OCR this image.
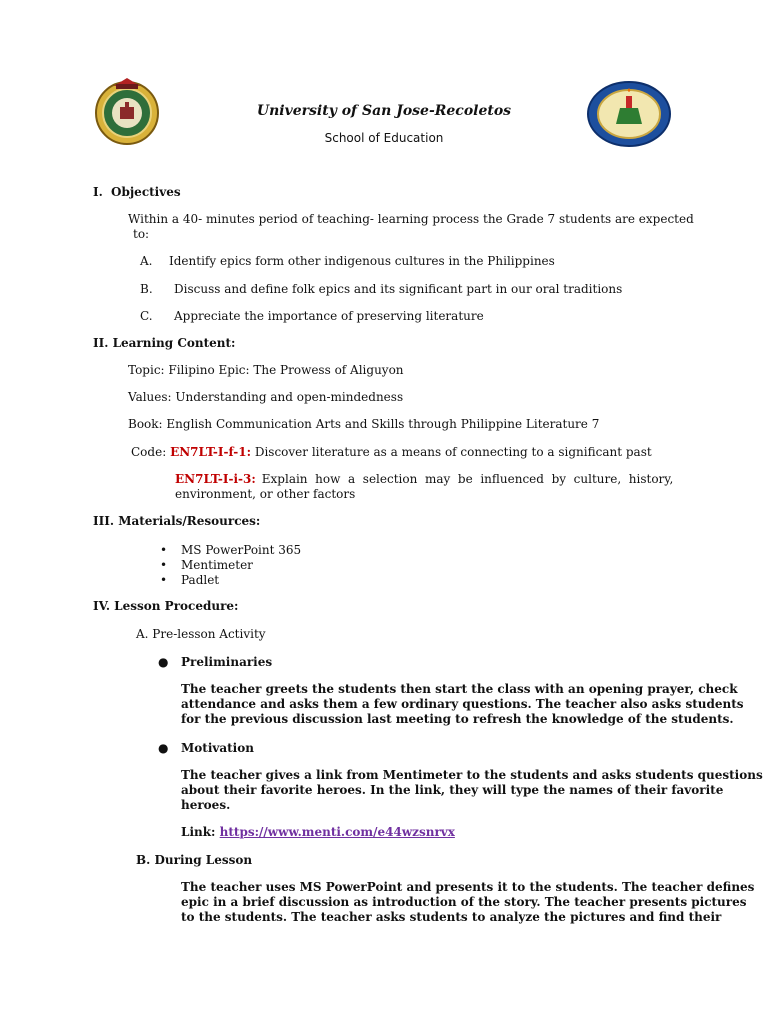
University of San Jose-Recoletos
School of Education
I. Objectives
Within a 40- minutes period of teaching- learning process the Grade 7 students are expected
to:
A. Identify epics form other indigenous cultures in the Philippines
B. Discuss and define folk epics and its significant part in our oral traditions
C. Appreciate the importance of preserving literature
II. Learning Content:
Topic: Filipino Epic: The Prowess of Aliguyon
Values: Understanding and open-mindedness
Book: English Communication Arts and Skills through Philippine Literature 7
Code: EN7LT-I-f-1: Discover literature as a means of connecting to a significant past
EN7LT-I-i-3: Explain  how  a  selection  may  be  influenced  by  culture,  history,
environment, or other factors
III. Materials/Resources:
• MS PowerPoint 365
• Mentimeter
• Padlet
IV. Lesson Procedure:
A. Pre-lesson Activity
● Preliminaries
The teacher greets the students then start the class with an opening prayer, check
attendance and asks them a few ordinary questions. The teacher also asks students
for the previous discussion last meeting to refresh the knowledge of the students.
● Motivation
The teacher gives a link from Mentimeter to the students and asks students questions
about their favorite heroes. In the link, they will type the names of their favorite
heroes.
Link: https://www.menti.com/e44wzsnrvx
B. During Lesson
The teacher uses MS PowerPoint and presents it to the students. The teacher defines
epic in a brief discussion as introduction of the story. The teacher presents pictures
to the students. The teacher asks students to analyze the pictures and find their
